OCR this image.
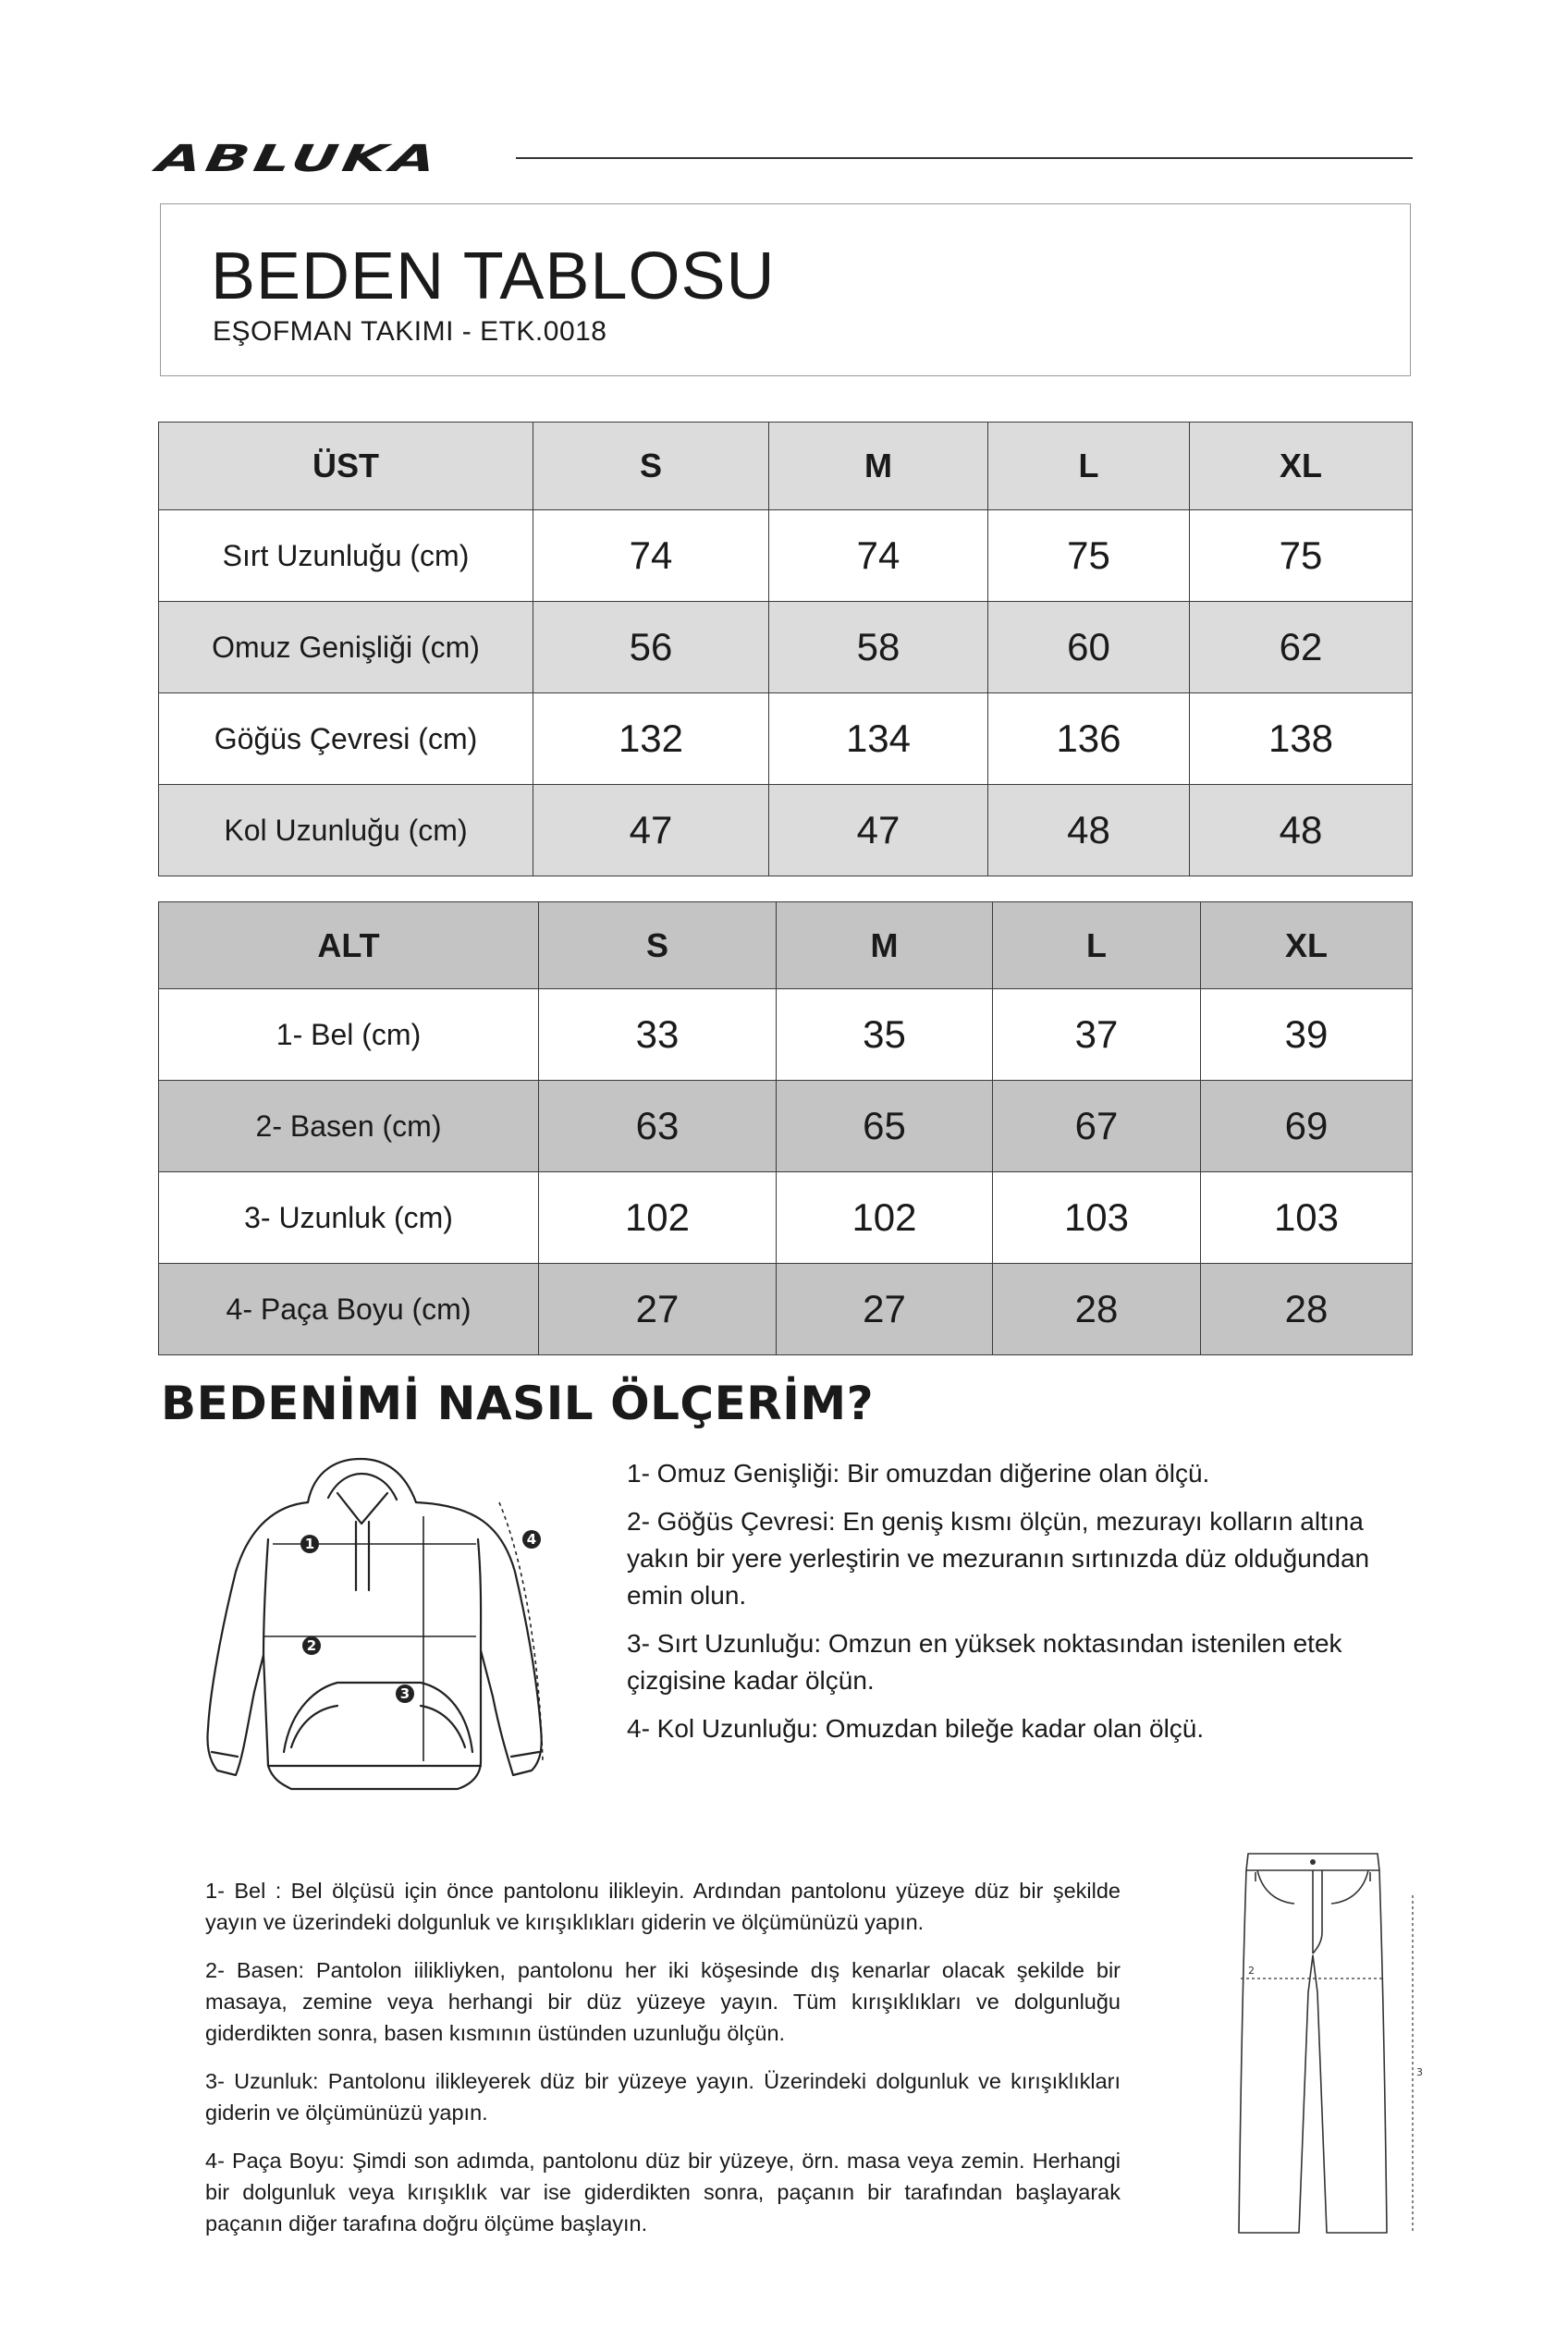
ABLUKA
BEDEN TABLOSU
EŞOFMAN TAKIMI - ETK.0018
ÜST	S	M	L	XL
Sırt Uzunluğu (cm)	74	74	75	75
Omuz Genişliği (cm)	56	58	60	62
Göğüs Çevresi (cm)	132	134	136	138
Kol Uzunluğu (cm)	47	47	48	48
ALT	S	M	L	XL
1- Bel (cm)	33	35	37	39
2- Basen (cm)	63	65	67	69
3- Uzunluk (cm)	102	102	103	103
4- Paça Boyu (cm)	27	27	28	28
BEDENİMİ NASIL ÖLÇERİM?
1
2
3
4

1- Omuz Genişliği: Bir omuzdan diğerine olan ölçü.

2- Göğüs Çevresi: En geniş kısmı ölçün, mezurayı kolların altına yakın bir yere yerleştirin ve mezuranın sırtınızda düz olduğundan emin olun.

3- Sırt Uzunluğu: Omzun en yüksek noktasından istenilen etek çizgisine kadar ölçün.

4- Kol Uzunluğu: Omuzdan bileğe kadar olan ölçü.

1- Bel : Bel ölçüsü için önce pantolonu ilikleyin. Ardından pantolonu yüzeye düz bir şekilde yayın ve üzerindeki dolgunluk ve kırışıklıkları giderin ve ölçümünüzü yapın.

2- Basen: Pantolon iilikliyken, pantolonu her iki köşesinde dış kenarlar olacak şekilde bir masaya, zemine veya herhangi bir düz yüzeye yayın. Tüm kırışıklıkları ve dolgunluğu giderdikten sonra, basen kısmının üstünden uzunluğu ölçün.

3- Uzunluk: Pantolonu ilikleyerek düz bir yüzeye yayın. Üzerindeki dolgunluk ve kırışıklıkları giderin ve ölçümünüzü yapın.

4- Paça Boyu: Şimdi son adımda, pantolonu düz bir yüzeye, örn. masa veya zemin. Herhangi bir dolgunluk veya kırışıklık var ise giderdikten sonra, paçanın bir tarafından başlayarak paçanın diğer tarafına doğru ölçüme başlayın.

2
3
